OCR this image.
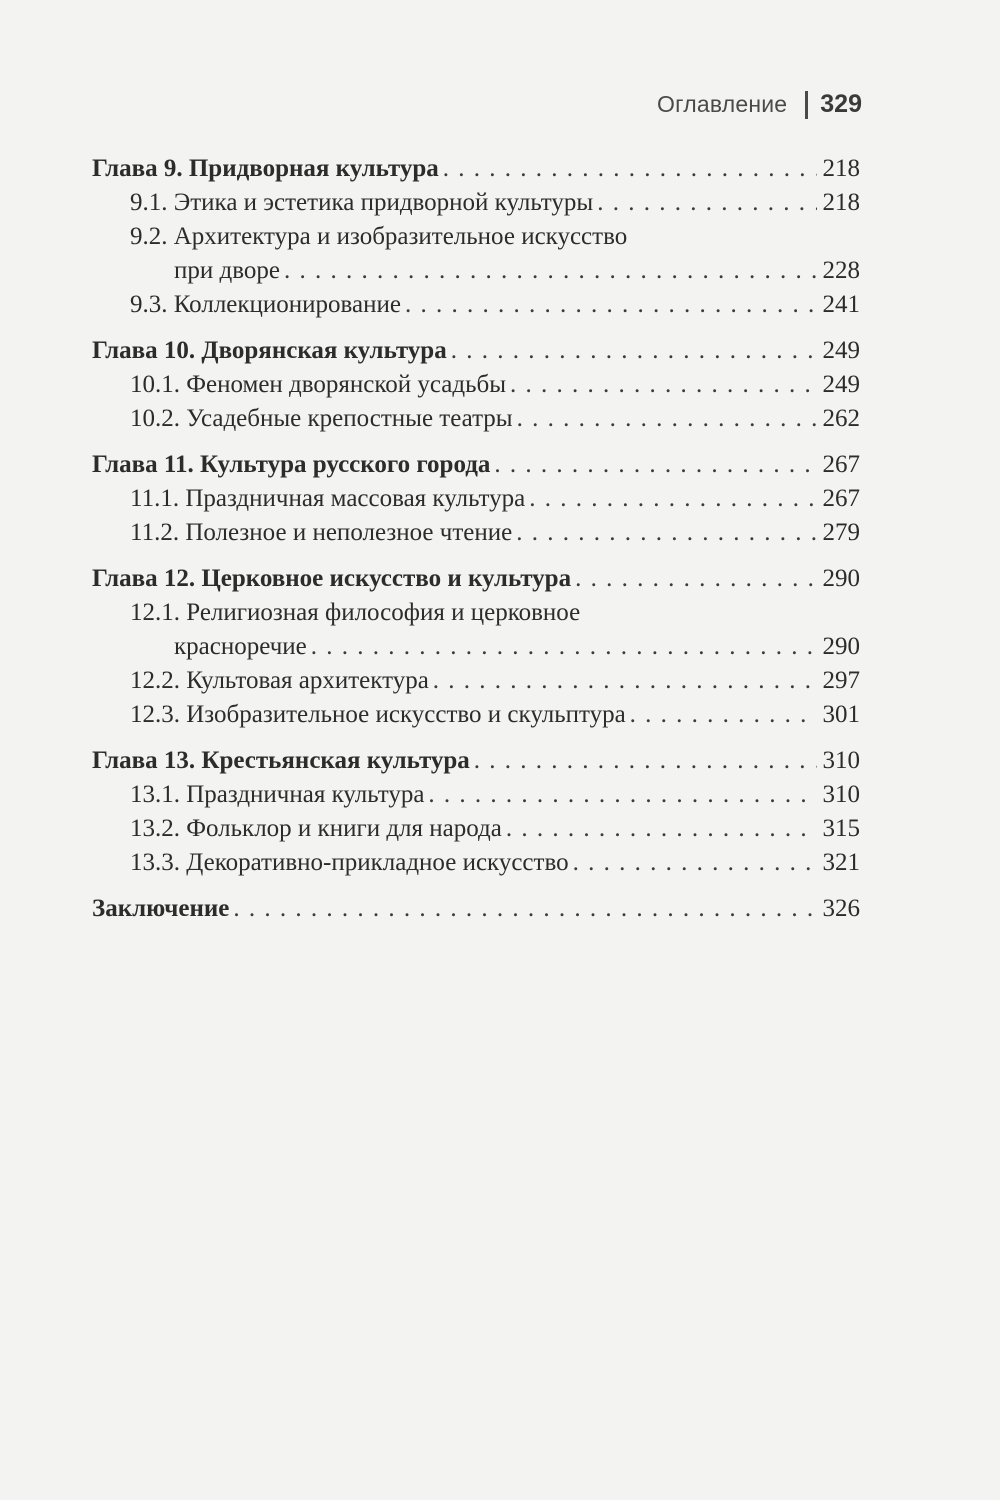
Оглавление 329
Глава 9. Придворная культура . . .	218
9.1. Этика и эстетика придворной культуры . . .	218
9.2. Архитектура и изобразительное искусство
при дворе . . .	228
9.3. Коллекционирование . . .	241
Глава 10. Дворянская культура . . .	249
10.1. Феномен дворянской усадьбы . . .	249
10.2. Усадебные крепостные театры . . .	262
Глава 11. Культура русского города . . .	267
11.1. Праздничная массовая культура . . .	267
11.2. Полезное и неполезное чтение . . .	279
Глава 12. Церковное искусство и культура . . .	290
12.1. Религиозная философия и церковное
красноречие . . .	290
12.2. Культовая архитектура . . .	297
12.3. Изобразительное искусство и скульптура . . .	301
Глава 13. Крестьянская культура . . .	310
13.1. Праздничная культура . . .	310
13.2. Фольклор и книги для народа . . .	315
13.3. Декоративно-прикладное искусство . . .	321
Заключение . . .	326
